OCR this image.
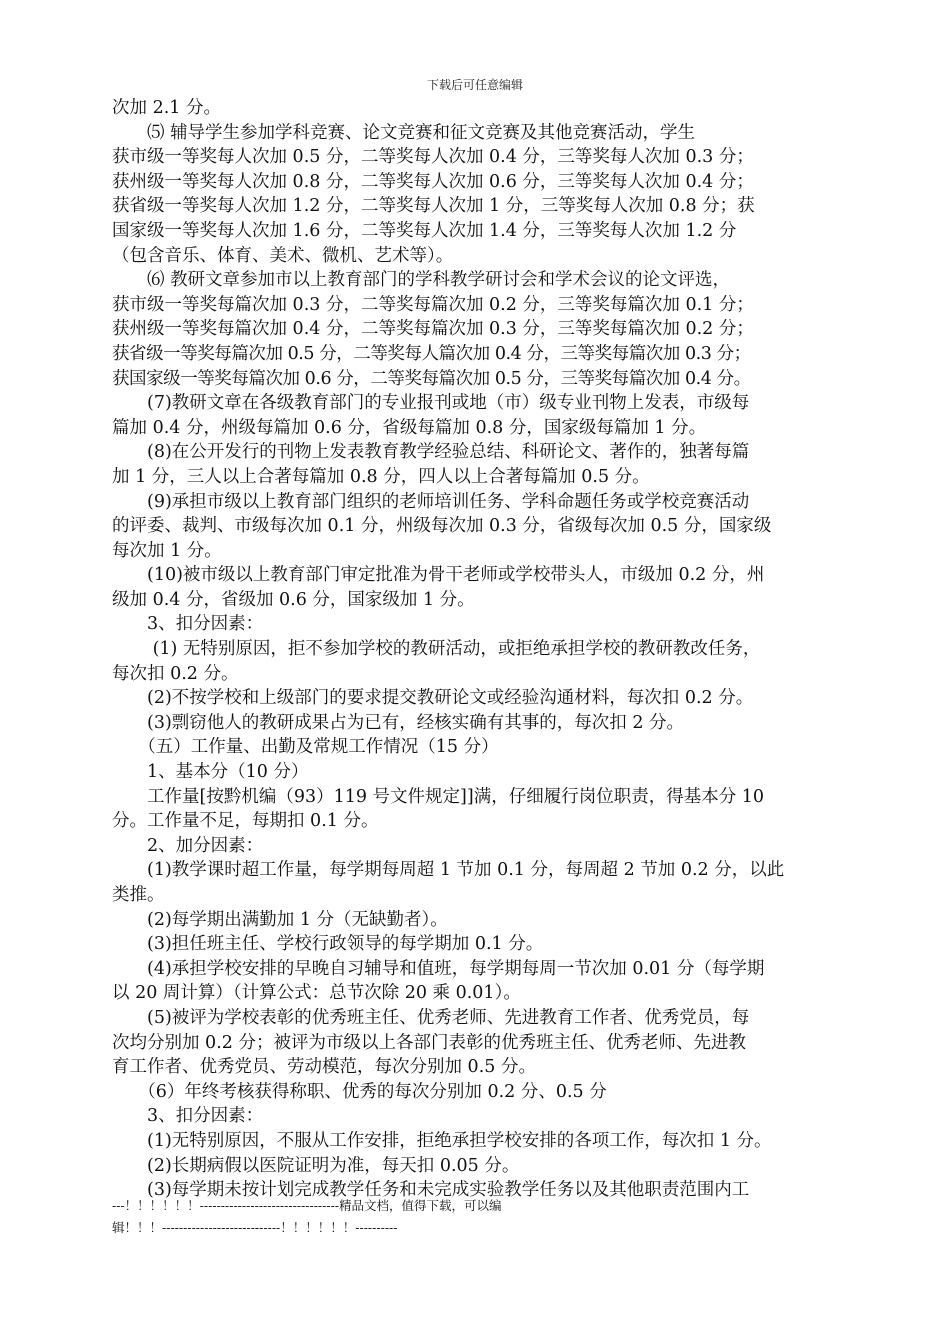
下载后可任意编辑
次加 2.1 分。
　　⑸ 辅导学生参加学科竞赛、论文竞赛和征文竞赛及其他竞赛活动，学生
获市级一等奖每人次加 0.5 分，二等奖每人次加 0.4 分，三等奖每人次加 0.3 分；
获州级一等奖每人次加 0.8 分，二等奖每人次加 0.6 分，三等奖每人次加 0.4 分；
获省级一等奖每人次加 1.2 分，二等奖每人次加 1 分，三等奖每人次加 0.8 分；获
国家级一等奖每人次加 1.6 分，二等奖每人次加 1.4 分，三等奖每人次加 1.2 分
（包含音乐、体育、美术、微机、艺术等）。
　　⑹ 教研文章参加市以上教育部门的学科教学研讨会和学术会议的论文评选，
获市级一等奖每篇次加 0.3 分，二等奖每篇次加 0.2 分，三等奖每篇次加 0.1 分；
获州级一等奖每篇次加 0.4 分，二等奖每篇次加 0.3 分，三等奖每篇次加 0.2 分；
获省级一等奖每篇次加 0.5 分，二等奖每人篇次加 0.4 分，三等奖每篇次加 0.3 分；
获国家级一等奖每篇次加 0.6 分，二等奖每篇次加 0.5 分，三等奖每篇次加 0.4 分。
　　(7)教研文章在各级教育部门的专业报刊或地（市）级专业刊物上发表，市级每
篇加 0.4 分，州级每篇加 0.6 分，省级每篇加 0.8 分，国家级每篇加 1 分。
　　(8)在公开发行的刊物上发表教育教学经验总结、科研论文、著作的，独著每篇
加 1 分，三人以上合著每篇加 0.8 分，四人以上合著每篇加 0.5 分。
　　(9)承担市级以上教育部门组织的老师培训任务、学科命题任务或学校竞赛活动
的评委、裁判、市级每次加 0.1 分，州级每次加 0.3 分，省级每次加 0.5 分，国家级
每次加 1 分。
　　(10)被市级以上教育部门审定批准为骨干老师或学校带头人，市级加 0.2 分，州
级加 0.4 分，省级加 0.6 分，国家级加 1 分。
　　3、扣分因素：
　　 (1) 无特别原因，拒不参加学校的教研活动，或拒绝承担学校的教研教改任务，
每次扣 0.2 分。
　　(2)不按学校和上级部门的要求提交教研论文或经验沟通材料，每次扣 0.2 分。
　　(3)剽窃他人的教研成果占为已有，经核实确有其事的，每次扣 2 分。
　　（五）工作量、出勤及常规工作情况（15 分）
　　1、基本分（10 分）
　　工作量[按黔机编（93）119 号文件规定]]满，仔细履行岗位职责，得基本分 10
分。工作量不足，每期扣 0.1 分。
　　2、加分因素：
　　(1)教学课时超工作量，每学期每周超 1 节加 0.1 分，每周超 2 节加 0.2 分，以此
类推。
　　(2)每学期出满勤加 1 分（无缺勤者）。
　　(3)担任班主任、学校行政领导的每学期加 0.1 分。
　　(4)承担学校安排的早晚自习辅导和值班，每学期每周一节次加 0.01 分（每学期
以 20 周计算）（计算公式：总节次除 20 乘 0.01）。
　　(5)被评为学校表彰的优秀班主任、优秀老师、先进教育工作者、优秀党员，每
次均分别加 0.2 分；被评为市级以上各部门表彰的优秀班主任、优秀老师、先进教
育工作者、优秀党员、劳动模范，每次分别加 0.5 分。
　　（6）年终考核获得称职、优秀的每次分别加 0.2 分、0.5 分
　　3、扣分因素：
　　(1)无特别原因，不服从工作安排，拒绝承担学校安排的各项工作，每次扣 1 分。
　　(2)长期病假以医院证明为准，每天扣 0.05 分。
　　(3)每学期未按计划完成教学任务和未完成实验教学任务以及其他职责范围内工
---！！！！！！---------------------------------精品文档，值得下载，可以编
辑！！！----------------------------！！！！！！----------
